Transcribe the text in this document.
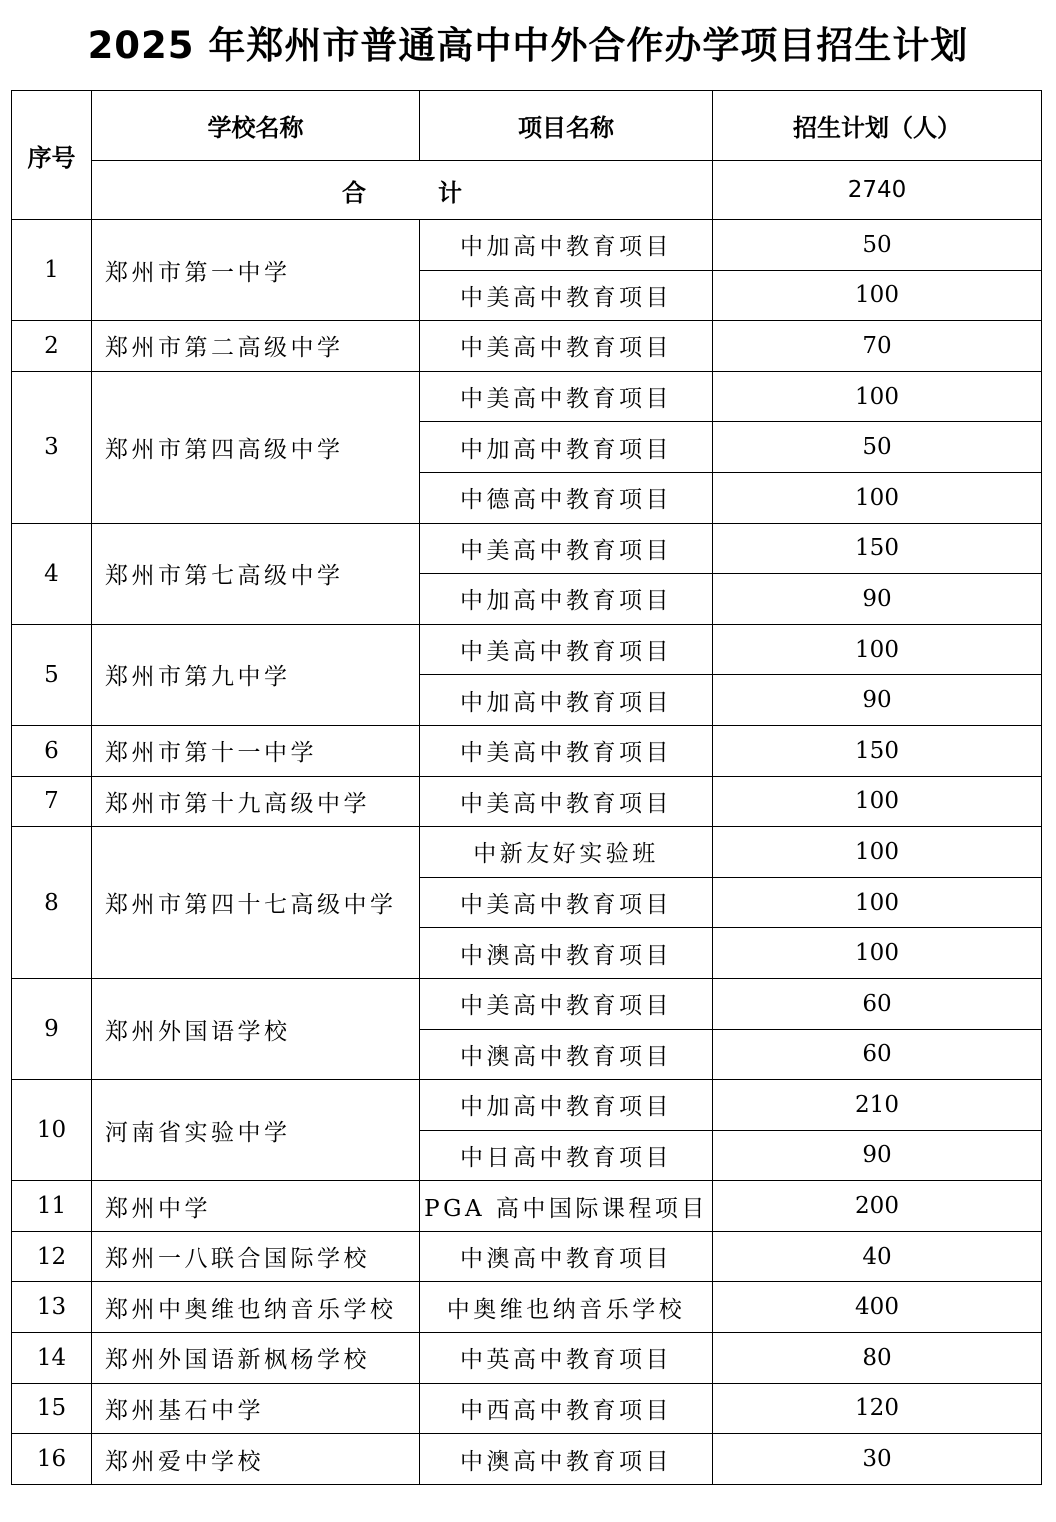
2025 年郑州市普通高中中外合作办学项目招生计划
序号	学校名称	项目名称	招生计划（人）
	合　　　计		2740
1	郑州市第一中学	中加高中教育项目	50
		中美高中教育项目	100
2	郑州市第二高级中学	中美高中教育项目	70
3	郑州市第四高级中学	中美高中教育项目	100
		中加高中教育项目	50
		中德高中教育项目	100
4	郑州市第七高级中学	中美高中教育项目	150
		中加高中教育项目	90
5	郑州市第九中学	中美高中教育项目	100
		中加高中教育项目	90
6	郑州市第十一中学	中美高中教育项目	150
7	郑州市第十九高级中学	中美高中教育项目	100
8	郑州市第四十七高级中学	中新友好实验班	100
		中美高中教育项目	100
		中澳高中教育项目	100
9	郑州外国语学校	中美高中教育项目	60
		中澳高中教育项目	60
10	河南省实验中学	中加高中教育项目	210
		中日高中教育项目	90
11	郑州中学	PGA 高中国际课程项目	200
12	郑州一八联合国际学校	中澳高中教育项目	40
13	郑州中奥维也纳音乐学校	中奥维也纳音乐学校	400
14	郑州外国语新枫杨学校	中英高中教育项目	80
15	郑州基石中学	中西高中教育项目	120
16	郑州爱中学校	中澳高中教育项目	30
